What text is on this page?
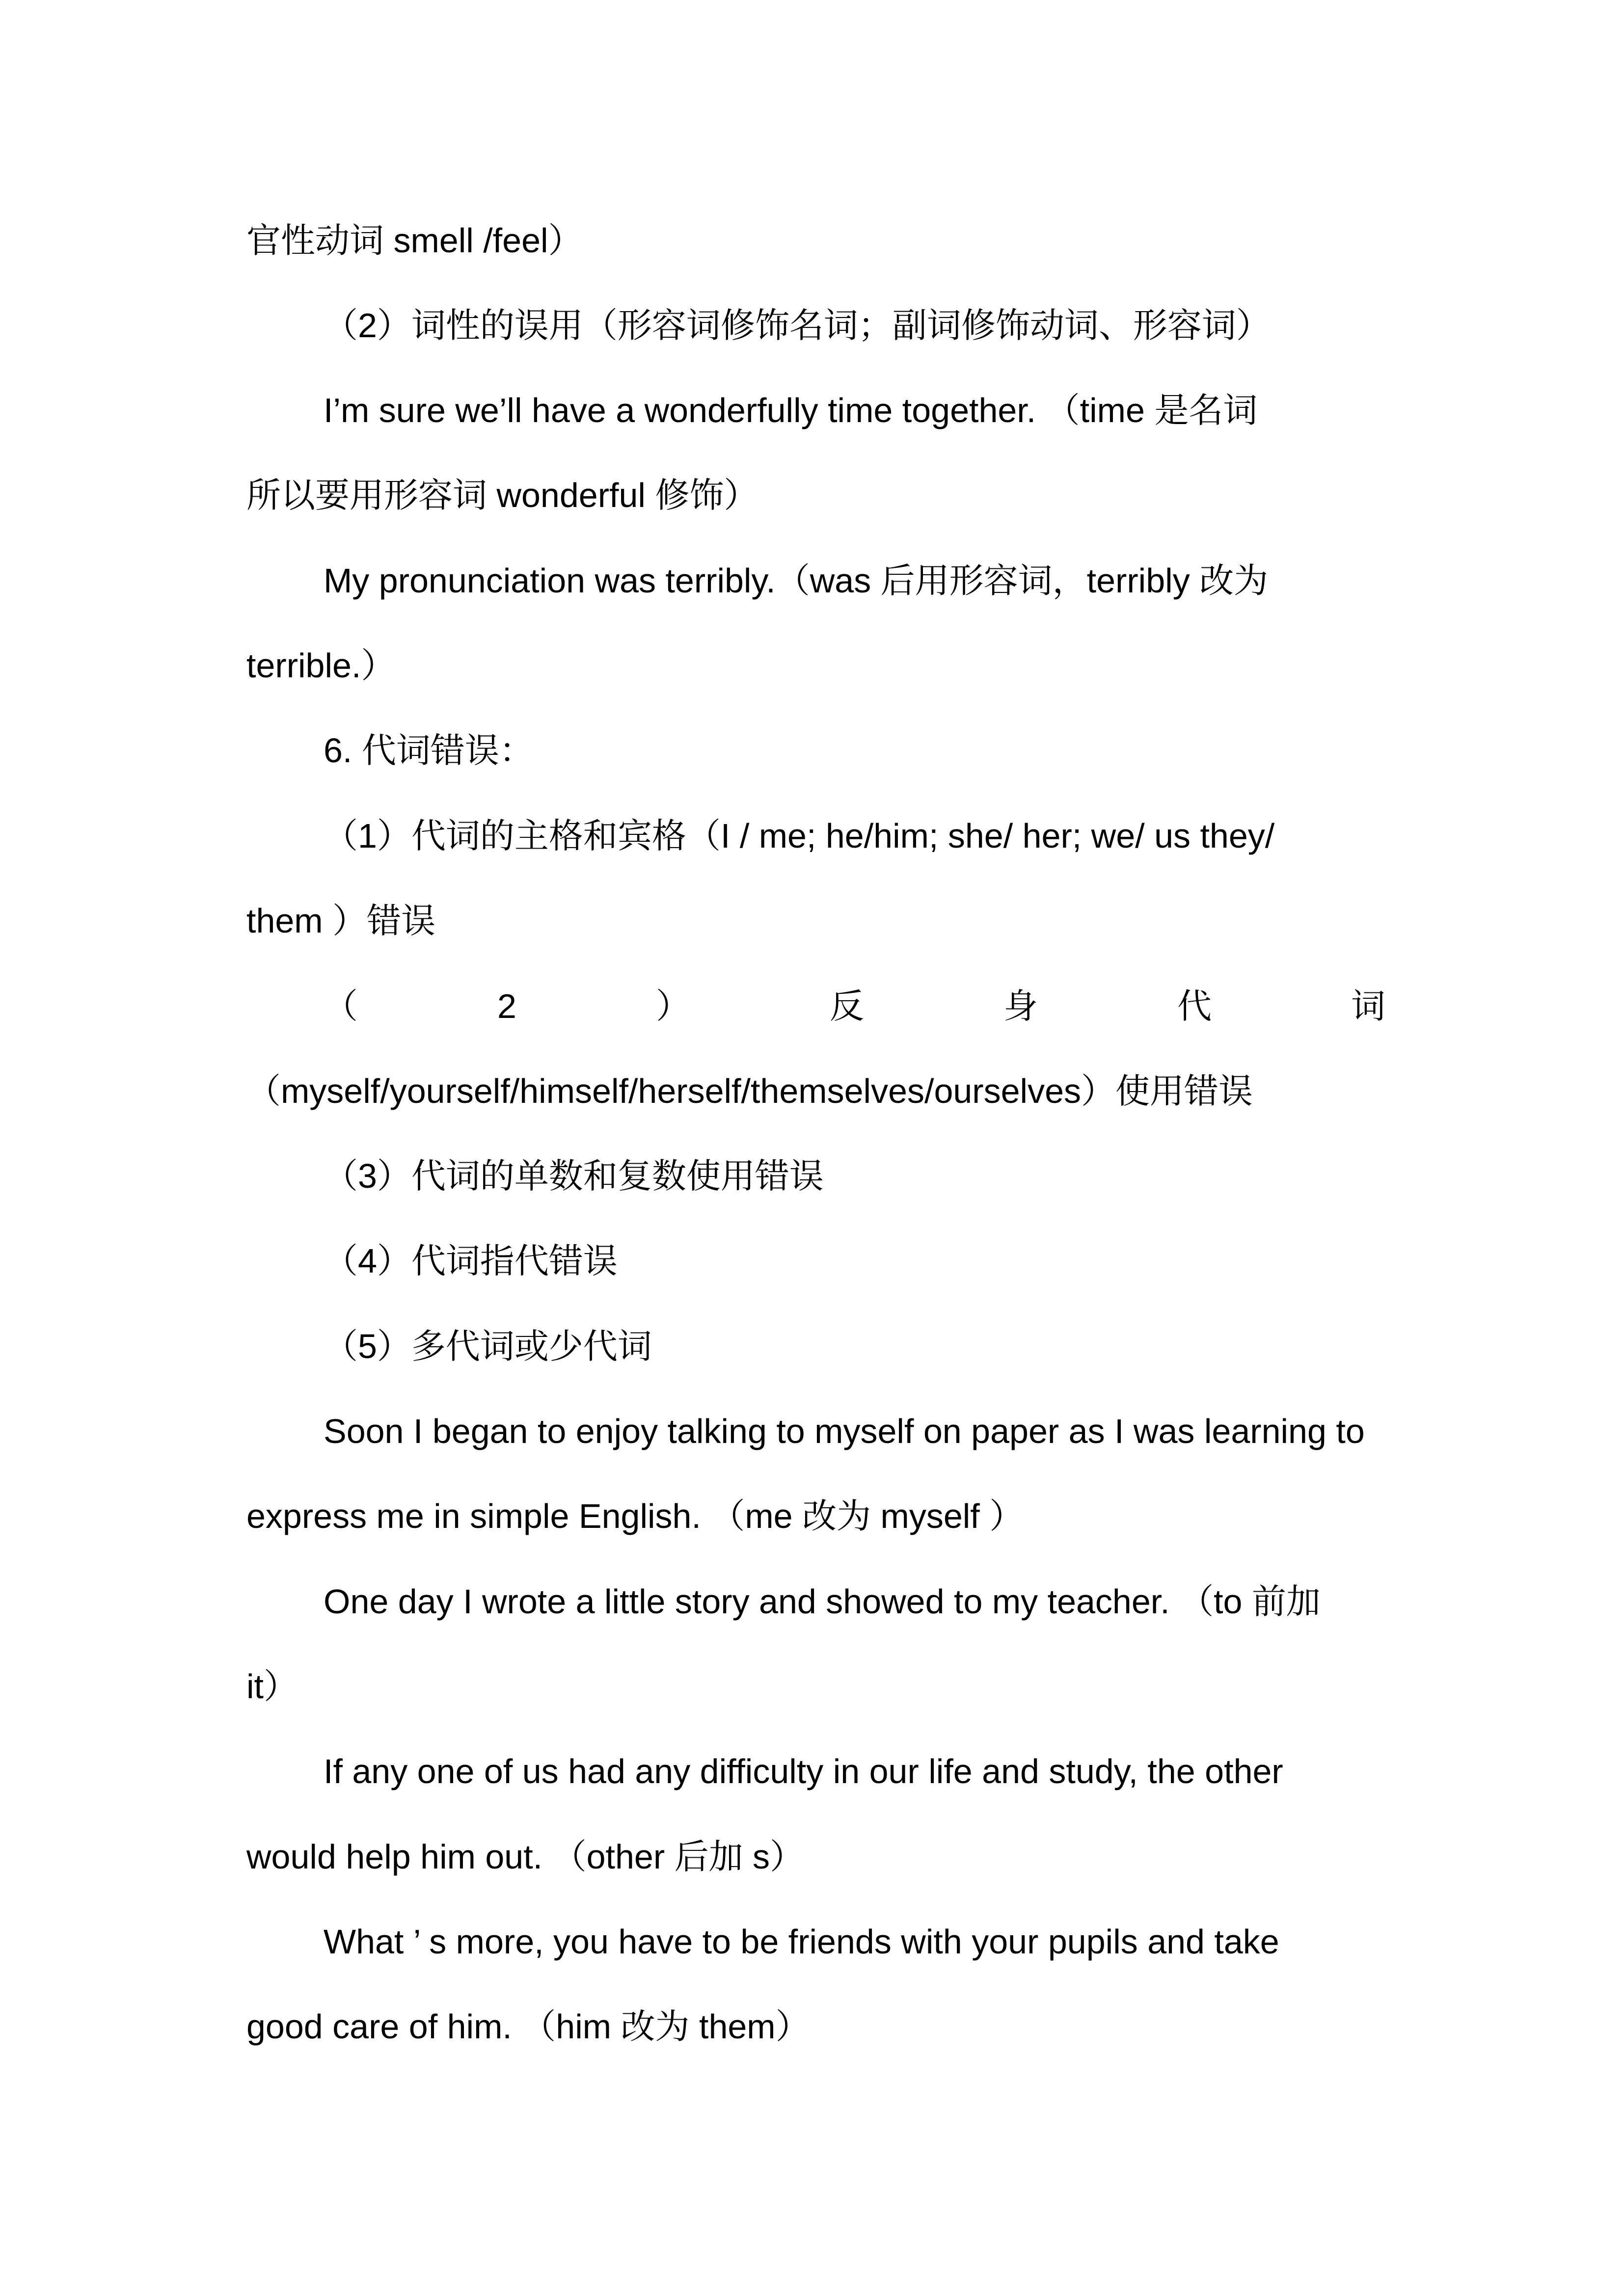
官性动词 smell /feel）
（2）词性的误用（形容词修饰名词；副词修饰动词、形容词）
I’m sure we’ll have a wonderfully time together. （time 是名词
所以要用形容词 wonderful 修饰）
My pronunciation was terribly.（was 后用形容词，terribly 改为
terrible.）
6. 代词错误：
（1）代词的主格和宾格（I / me; he/him; she/ her; we/ us they/
them ）错误
（	2	）	反	身	代	词
（myself/yourself/himself/herself/themselves/ourselves）使用错误
（3）代词的单数和复数使用错误
（4）代词指代错误
（5）多代词或少代词
Soon I began to enjoy talking to myself on paper as I was learning to
express me in simple English. （me 改为 myself ）
One day I wrote a little story and showed to my teacher. （to 前加
it）
If any one of us had any difficulty in our life and study, the other
would help him out. （other 后加 s）
What ’ s more, you have to be friends with your pupils and take
good care of him. （him 改为 them）
